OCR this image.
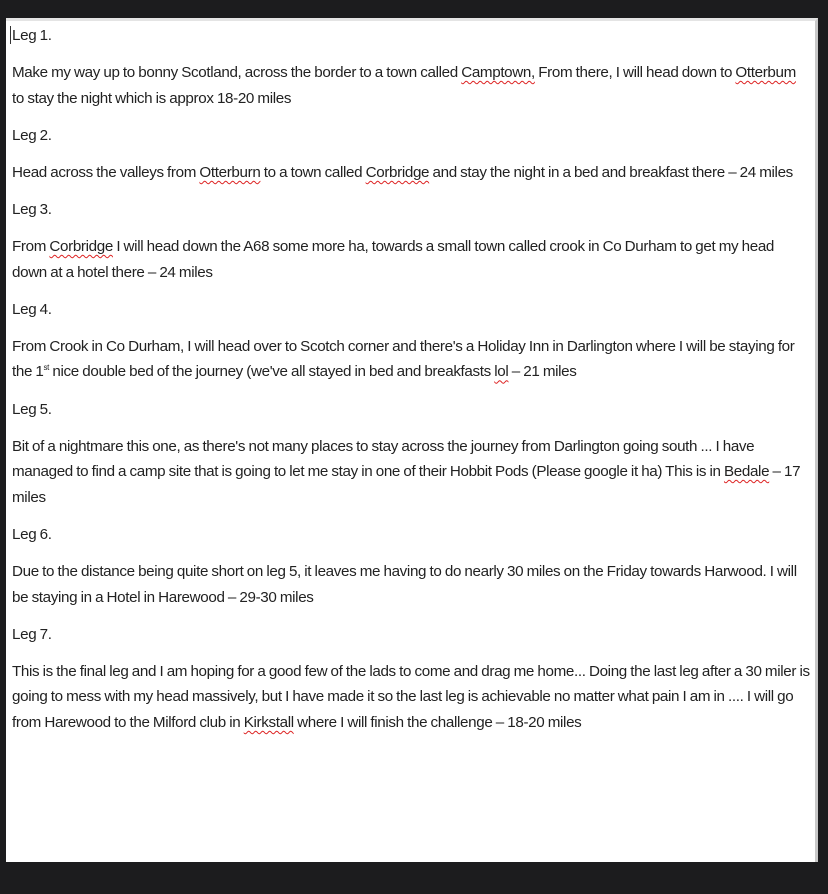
Leg 1.

Make my way up to bonny Scotland, across the border to a town called Camptown, From there, I will head down to Otterbum to stay the night which is approx 18-20 miles

Leg 2.

Head across the valleys from Otterburn to a town called Corbridge and stay the night in a bed and breakfast there – 24 miles

Leg 3.

From Corbridge I will head down the A68 some more ha, towards a small town called crook in Co Durham to get my head down at a hotel there – 24 miles

Leg 4.

From Crook in Co Durham, I will head over to Scotch corner and there's a Holiday Inn in Darlington where I will be staying for the 1st nice double bed of the journey (we've all stayed in bed and breakfasts lol – 21 miles

Leg 5.

Bit of a nightmare this one, as there's not many places to stay across the journey from Darlington going south ... I have managed to find a camp site that is going to let me stay in one of their Hobbit Pods (Please google it ha) This is in Bedale – 17 miles

Leg 6.

Due to the distance being quite short on leg 5, it leaves me having to do nearly 30 miles on the Friday towards Harwood. I will be staying in a Hotel in Harewood – 29-30 miles

Leg 7.

This is the final leg and I am hoping for a good few of the lads to come and drag me home... Doing the last leg after a 30 miler is going to mess with my head massively, but I have made it so the last leg is achievable no matter what pain I am in .... I will go from Harewood to the Milford club in Kirkstall where I will finish the challenge – 18-20 miles
